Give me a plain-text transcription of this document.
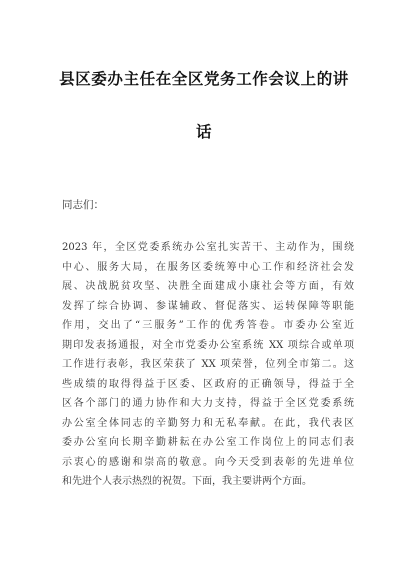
县区委办主任在全区党务工作会议上的讲
话
同志们：
2023 年，全区党委系统办公室扎实苦干、主动作为，围绕
中心、服务大局，在服务区委统筹中心工作和经济社会发
展、决战脱贫攻坚、决胜全面建成小康社会等方面，有效
发挥了综合协调、参谋辅政、督促落实、运转保障等职能
作用，交出了“三服务”工作的优秀答卷。市委办公室近
期印发表扬通报，对全市党委办公室系统 XX 项综合或单项
工作进行表彰，我区荣获了 XX 项荣誉，位列全市第二。这
些成绩的取得得益于区委、区政府的正确领导，得益于全
区各个部门的通力协作和大力支持，得益于全区党委系统
办公室全体同志的辛勤努力和无私奉献。在此，我代表区
委办公室向长期辛勤耕耘在办公室工作岗位上的同志们表
示衷心的感谢和崇高的敬意。向今天受到表彰的先进单位
和先进个人表示热烈的祝贺。下面，我主要讲两个方面。
